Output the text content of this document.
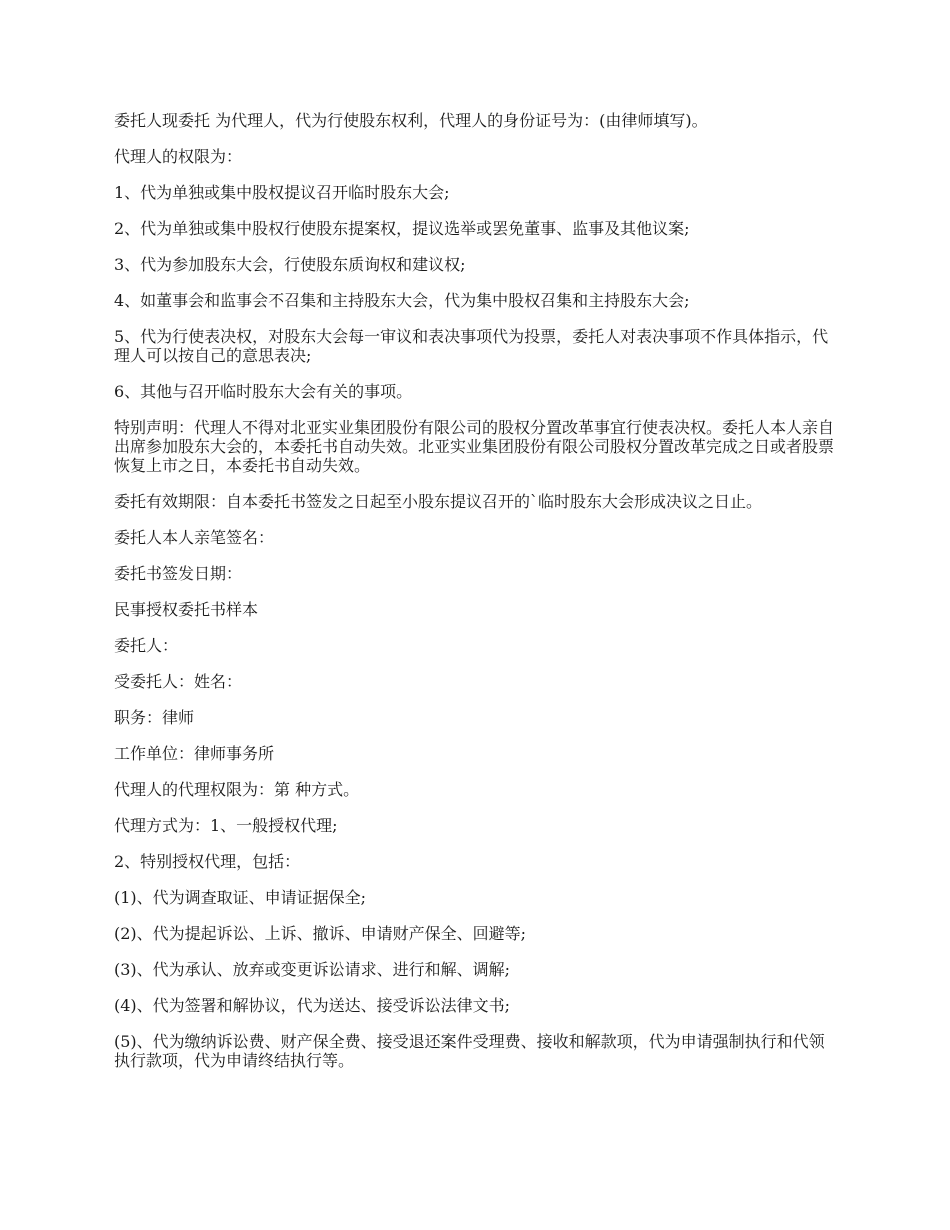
委托人现委托 为代理人，代为行使股东权利，代理人的身份证号为：(由律师填写)。

代理人的权限为：

1、代为单独或集中股权提议召开临时股东大会;

2、代为单独或集中股权行使股东提案权，提议选举或罢免董事、监事及其他议案;

3、代为参加股东大会，行使股东质询权和建议权;

4、如董事会和监事会不召集和主持股东大会，代为集中股权召集和主持股东大会;

5、代为行使表决权，对股东大会每一审议和表决事项代为投票，委托人对表决事项不作具体指示，代理人可以按自己的意思表决;

6、其他与召开临时股东大会有关的事项。

特别声明：代理人不得对北亚实业集团股份有限公司的股权分置改革事宜行使表决权。委托人本人亲自出席参加股东大会的，本委托书自动失效。北亚实业集团股份有限公司股权分置改革完成之日或者股票恢复上市之日，本委托书自动失效。

委托有效期限：自本委托书签发之日起至小股东提议召开的`临时股东大会形成决议之日止。

委托人本人亲笔签名：

委托书签发日期：

民事授权委托书样本

委托人：

受委托人：姓名：

职务：律师

工作单位：律师事务所

代理人的代理权限为：第 种方式。

代理方式为：1、一般授权代理;

2、特别授权代理，包括：

(1)、代为调查取证、申请证据保全;

(2)、代为提起诉讼、上诉、撤诉、申请财产保全、回避等;

(3)、代为承认、放弃或变更诉讼请求、进行和解、调解;

(4)、代为签署和解协议，代为送达、接受诉讼法律文书;

(5)、代为缴纳诉讼费、财产保全费、接受退还案件受理费、接收和解款项，代为申请强制执行和代领执行款项，代为申请终结执行等。
